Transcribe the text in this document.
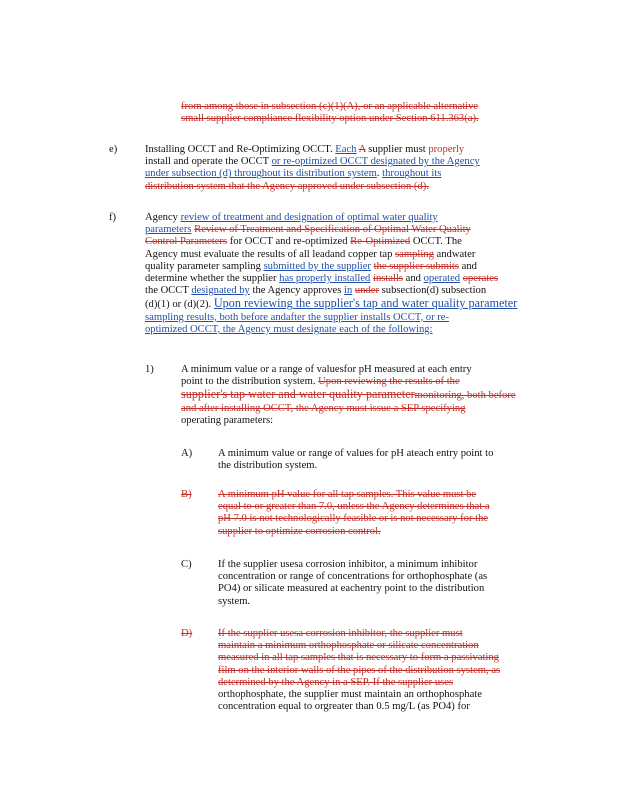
from among those in subsection (c)(1)(A), or an applicable alternative
small supplier compliance flexibility option under Section 611.363(a).
e)	Installing OCCT and Re-Optimizing OCCT. Each A supplier must properly
install and operate the OCCT or re-optimized OCCT designated by the Agency
under subsection (d) throughout its distribution system. throughout its
distribution system that the Agency approved under subsection (d).
f)	Agency review of treatment and designation of optimal water quality
parameters Review of Treatment and Specification of Optimal Water Quality
Control Parameters for OCCT and re-optimized Re-Optimized OCCT. The
Agency must evaluate the results of all leadand copper tap sampling andwater
quality parameter sampling submitted by the supplier the supplier submits and
determine whether the supplier has properly installed installs and operated operates
the OCCT designated by the Agency approves in under subsection(d) subsection
(d)(1) or (d)(2). Upon reviewing the supplier's tap and water quality parameter
sampling results, both before andafter the supplier installs OCCT, or re-
optimized OCCT, the Agency must designate each of the following:
1)	A minimum value or a range of valuesfor pH measured at each entry
point to the distribution system. Upon reviewing the results of the
supplier's tap water and water quality parametermonitoring, both before
and after installing OCCT, the Agency must issue a SEP specifying
operating parameters:
A) A minimum value or range of values for pH ateach entry point to
the distribution system.
B) A minimum pH value for all tap samples. This value must be
equal to or greater than 7.0, unless the Agency determines that a
pH 7.0 is not technologically feasible or is not necessary for the
supplier to optimize corrosion control.
C) If the supplier usesa corrosion inhibitor, a minimum inhibitor
concentration or range of concentrations for orthophosphate (as
PO4) or silicate measured at eachentry point to the distribution
system.
D) If the supplier usesa corrosion inhibitor, the supplier must
maintain a minimum orthophosphate or silicate concentration
measured in all tap samples that is necessary to form a passivating
film on the interior walls of the pipes of the distribution system, as
determined by the Agency in a SEP. If the supplier uses
orthophosphate, the supplier must maintain an orthophosphate
concentration equal to orgreater than 0.5 mg/L (as PO4) for
